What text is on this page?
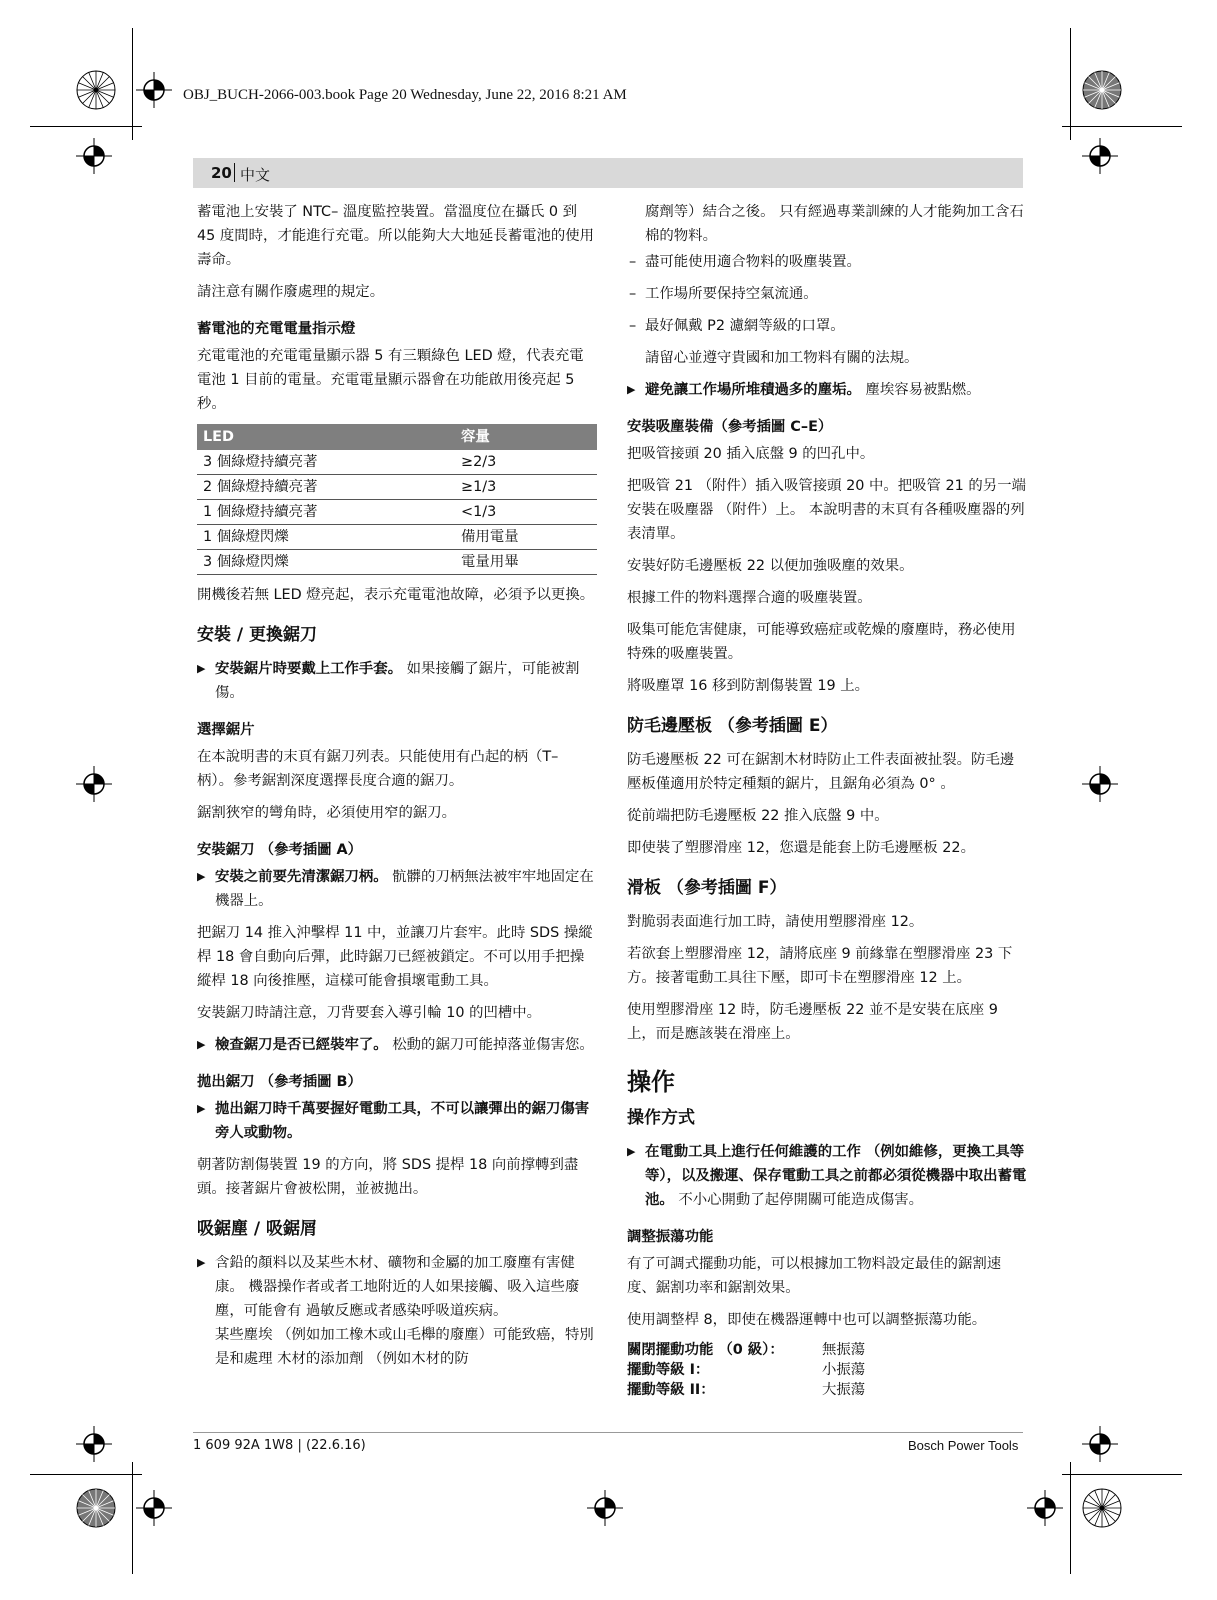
OBJ_BUCH-2066-003.book Page 20 Wednesday, June 22, 2016 8:21 AM
20 中文

蓄電池上安裝了 NTC– 溫度監控裝置。當溫度位在攝氏 0 到 45 度間時，才能進行充電。所以能夠大大地延長蓄電池的使用壽命。

請注意有關作廢處理的規定。

蓄電池的充電電量指示燈

充電電池的充電電量顯示器 5 有三顆綠色 LED 燈，代表充電電池 1 目前的電量。充電電量顯示器會在功能啟用後亮起 5 秒。

LED	容量
3 個綠燈持續亮著	≥2/3
2 個綠燈持續亮著	≥1/3
1 個綠燈持續亮著	<1/3
1 個綠燈閃爍	備用電量
3 個綠燈閃爍	電量用畢

開機後若無 LED 燈亮起，表示充電電池故障，必須予以更換。

安裝 / 更換鋸刀
▶ 安裝鋸片時要戴上工作手套。 如果接觸了鋸片，可能被割傷。
選擇鋸片

在本說明書的末頁有鋸刀列表。只能使用有凸起的柄（T– 柄）。參考鋸割深度選擇長度合適的鋸刀。

鋸割狹窄的彎角時，必須使用窄的鋸刀。

安裝鋸刀 （參考插圖 A）
▶ 安裝之前要先清潔鋸刀柄。 骯髒的刀柄無法被牢牢地固定在機器上。

把鋸刀 14 推入沖擊桿 11 中，並讓刀片套牢。此時 SDS 操縱桿 18 會自動向后彈，此時鋸刀已經被鎖定。不可以用手把操縱桿 18 向後推壓，這樣可能會損壞電動工具。

安裝鋸刀時請注意，刀背要套入導引輪 10 的凹槽中。

▶ 檢查鋸刀是否已經裝牢了。 松動的鋸刀可能掉落並傷害您。
拋出鋸刀 （參考插圖 B）
▶ 拋出鋸刀時千萬要握好電動工具，不可以讓彈出的鋸刀傷害旁人或動物。

朝著防割傷裝置 19 的方向，將 SDS 提桿 18 向前撑轉到盡頭。接著鋸片會被松開，並被拋出。

吸鋸塵 / 吸鋸屑
▶ 含鉛的顏料以及某些木材、礦物和金屬的加工廢塵有害健康。 機器操作者或者工地附近的人如果接觸、吸入這些廢塵，可能會有 過敏反應或者感染呼吸道疾病。

某些塵埃 （例如加工橡木或山毛櫸的廢塵）可能致癌，特別是和處理 木材的添加劑 （例如木材的防

腐劑等）結合之後。 只有經過專業訓練的人才能夠加工含石棉的物料。

– 盡可能使用適合物料的吸塵裝置。

– 工作場所要保持空氣流通。

– 最好佩戴 P2 濾網等級的口罩。

請留心並遵守貴國和加工物料有關的法規。

▶ 避免讓工作場所堆積過多的塵垢。 塵埃容易被點燃。
安裝吸塵裝備（參考插圖 C–E）

把吸管接頭 20 插入底盤 9 的凹孔中。

把吸管 21 （附件）插入吸管接頭 20 中。把吸管 21 的另一端安裝在吸塵器 （附件）上。 本說明書的末頁有各種吸塵器的列表清單。

安裝好防毛邊壓板 22 以便加強吸塵的效果。

根據工件的物料選擇合適的吸塵裝置。

吸集可能危害健康，可能導致癌症或乾燥的廢塵時，務必使用特殊的吸塵裝置。

將吸塵罩 16 移到防割傷裝置 19 上。

防毛邊壓板 （參考插圖 E）

防毛邊壓板 22 可在鋸割木材時防止工件表面被扯裂。防毛邊壓板僅適用於特定種類的鋸片，且鋸角必須為 0° 。

從前端把防毛邊壓板 22 推入底盤 9 中。

即使裝了塑膠滑座 12，您還是能套上防毛邊壓板 22。

滑板 （參考插圖 F）

對脆弱表面進行加工時，請使用塑膠滑座 12。

若欲套上塑膠滑座 12，請將底座 9 前緣靠在塑膠滑座 23 下方。接著電動工具往下壓，即可卡在塑膠滑座 12 上。

使用塑膠滑座 12 時，防毛邊壓板 22 並不是安裝在底座 9 上，而是應該裝在滑座上。

操作
操作方式
▶ 在電動工具上進行任何維護的工作 （例如維修，更換工具等等），以及搬運、保存電動工具之前都必須從機器中取出蓄電池。 不小心開動了起停開關可能造成傷害。
調整振蕩功能

有了可調式擺動功能，可以根據加工物料設定最佳的鋸割速度、鋸割功率和鋸割效果。

使用調整桿 8，即使在機器運轉中也可以調整振蕩功能。

關閉擺動功能 （0 級）：	無振蕩
擺動等級 I：	小振蕩
擺動等級 II：	大振蕩
1 609 92A 1W8 | (22.6.16)	Bosch Power Tools
